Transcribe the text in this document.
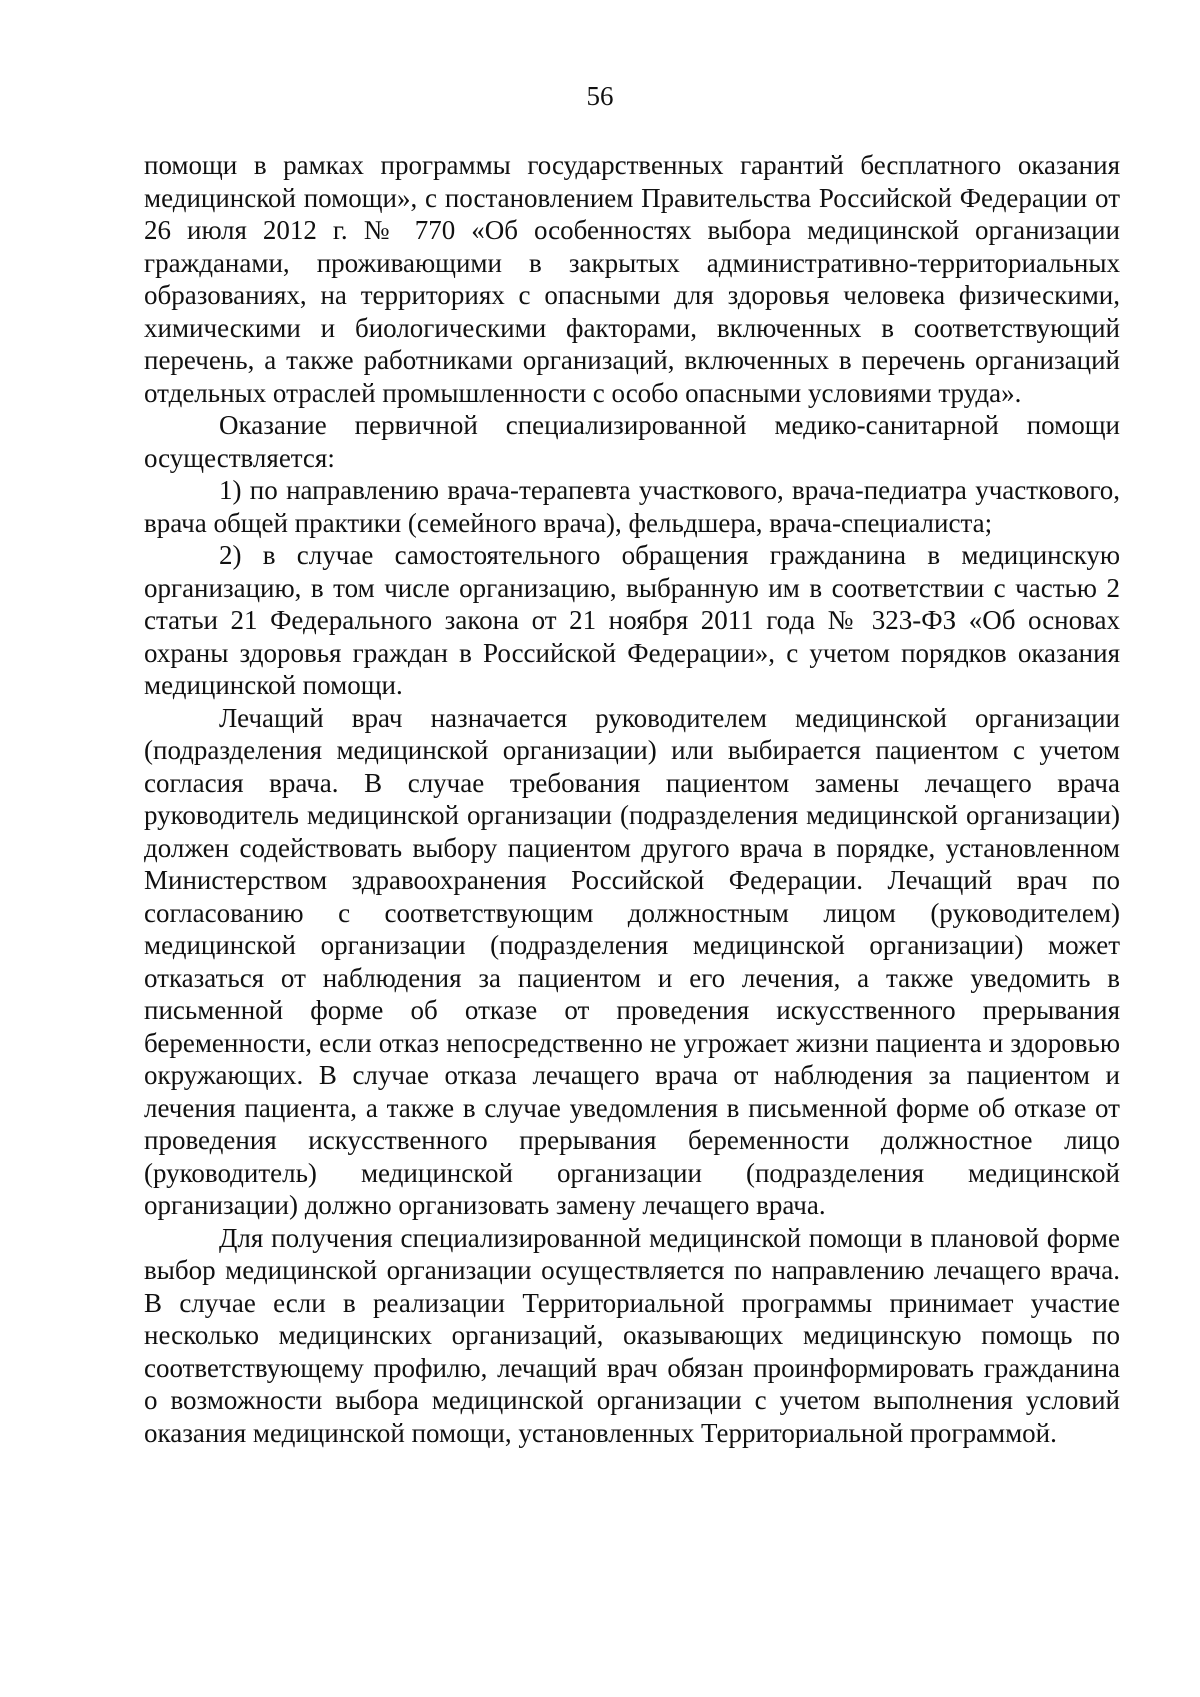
56

помощи в рамках программы государственных гарантий бесплатного оказания медицинской помощи», с постановлением Правительства Российской Федерации от 26 июля 2012 г. № 770 «Об особенностях выбора медицинской организации гражданами, проживающими в закрытых административно-территориальных образованиях, на территориях с опасными для здоровья человека физическими, химическими и биологическими факторами, включенных в соответствующий перечень, а также работниками организаций, включенных в перечень организаций отдельных отраслей промышленности с особо опасными условиями труда».

Оказание первичной специализированной медико-санитарной помощи осуществляется:

1) по направлению врача-терапевта участкового, врача-педиатра участкового, врача общей практики (семейного врача), фельдшера, врача-специалиста;

2) в случае самостоятельного обращения гражданина в медицинскую организацию, в том числе организацию, выбранную им в соответствии с частью 2 статьи 21 Федерального закона от 21 ноября 2011 года № 323-ФЗ «Об основах охраны здоровья граждан в Российской Федерации», с учетом порядков оказания медицинской помощи.

Лечащий врач назначается руководителем медицинской организации (подразделения медицинской организации) или выбирается пациентом с учетом согласия врача. В случае требования пациентом замены лечащего врача руководитель медицинской организации (подразделения медицинской организации) должен содействовать выбору пациентом другого врача в порядке, установленном Министерством здравоохранения Российской Федерации. Лечащий врач по согласованию с соответствующим должностным лицом (руководителем) медицинской организации (подразделения медицинской организации) может отказаться от наблюдения за пациентом и его лечения, а также уведомить в письменной форме об отказе от проведения искусственного прерывания беременности, если отказ непосредственно не угрожает жизни пациента и здоровью окружающих. В случае отказа лечащего врача от наблюдения за пациентом и лечения пациента, а также в случае уведомления в письменной форме об отказе от проведения искусственного прерывания беременности должностное лицо (руководитель) медицинской организации (подразделения медицинской организации) должно организовать замену лечащего врача.

Для получения специализированной медицинской помощи в плановой форме выбор медицинской организации осуществляется по направлению лечащего врача. В случае если в реализации Территориальной программы принимает участие несколько медицинских организаций, оказывающих медицинскую помощь по соответствующему профилю, лечащий врач обязан проинформировать гражданина о возможности выбора медицинской организации с учетом выполнения условий оказания медицинской помощи, установленных Территориальной программой.
